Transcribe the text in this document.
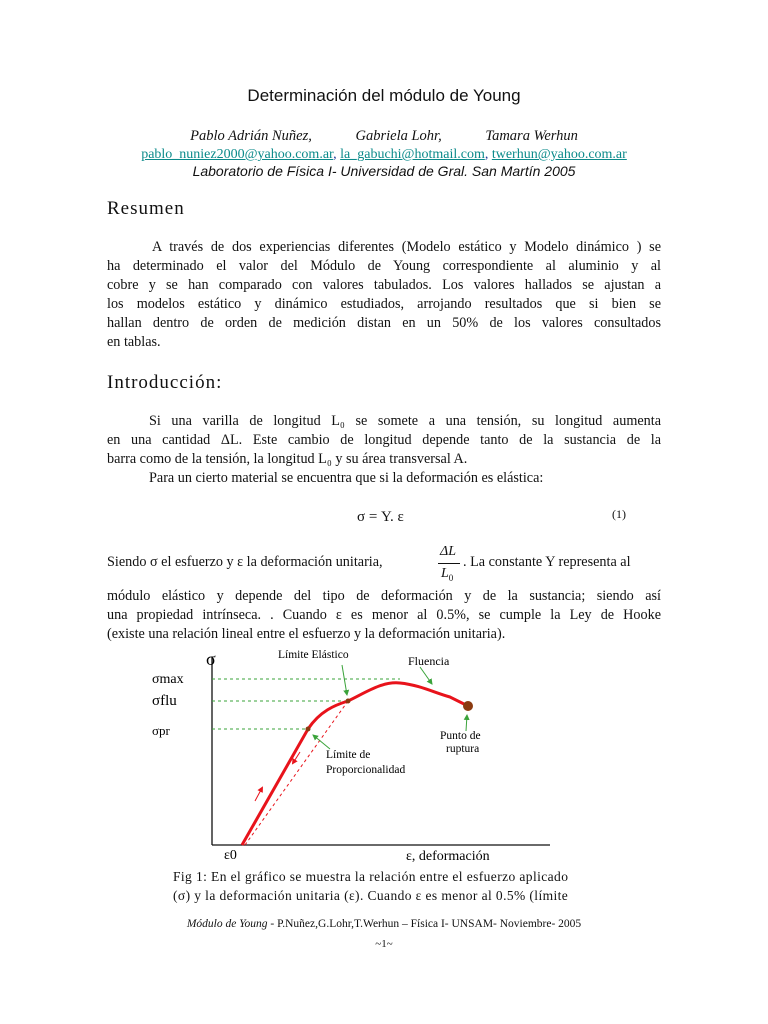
Determinación del módulo de Young
Pablo Adrián Nuñez,	Gabriela Lohr,	Tamara Werhun
pablo_nuniez2000@yahoo.com.ar, la_gabuchi@hotmail.com, twerhun@yahoo.com.ar
Laboratorio de Física I- Universidad de Gral. San Martín 2005
Resumen
A través de dos experiencias diferentes (Modelo estático y Modelo dinámico ) se
ha determinado el valor del Módulo de Young correspondiente al aluminio y al
cobre y se han comparado con valores tabulados. Los valores hallados se ajustan a
los modelos estático y dinámico estudiados, arrojando resultados que si bien se
hallan dentro de orden de medición distan en un 50% de los valores consultados
en tablas.
Introducción:
Si una varilla de longitud L₀ se somete a una tensión, su longitud aumenta
en una cantidad ΔL. Este cambio de longitud depende tanto de la sustancia de la
barra como de la tensión, la longitud L₀ y su área transversal A.
Para un cierto material se encuentra que si la deformación es elástica:
σ = Y. ε	(1)
Siendo σ el esfuerzo y ε la deformación unitaria,
ΔL
$L_0$
. La constante Y representa al
módulo elástico y depende del tipo de deformación y de la sustancia; siendo así
una propiedad intrínseca. . Cuando ε es menor al 0.5%, se cumple la Ley de Hooke
(existe una relación lineal entre el esfuerzo y la deformación unitaria).
σ
σmax
σflu
σpr
Límite Elástico	Fluencia
Punto de
ruptura
Límite de
Proporcionalidad
ε0	ε, deformación
Fig 1: En el gráfico se muestra la relación entre el esfuerzo aplicado
(σ) y la deformación unitaria (ε). Cuando ε es menor al 0.5% (límite
Módulo de Young - P.Nuñez,G.Lohr,T.Werhun – Física I- UNSAM- Noviembre- 2005
~1~
